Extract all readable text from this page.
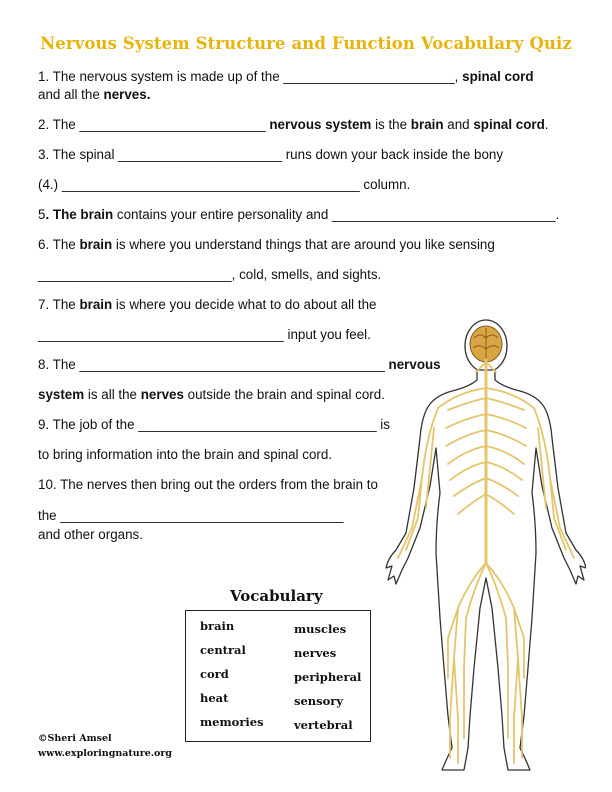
Nervous System Structure and Function Vocabulary Quiz
1. The nervous system is made up of the _______________________, spinal cord
and all the nerves.
2. The _________________________ nervous system is the brain and spinal cord.
3. The spinal ______________________ runs down your back inside the bony
(4.) ________________________________________ column.
5. The brain contains your entire personality and ______________________________.
6. The brain is where you understand things that are around you like sensing
__________________________, cold, smells, and sights.
7. The brain is where you decide what to do about all the
_________________________________ input you feel.
8. The _________________________________________ nervous
system is all the nerves outside the brain and spinal cord.
9. The job of the ________________________________ is
to bring information into the brain and spinal cord.
10. The nerves then bring out the orders from the brain to
the ______________________________________
and other organs.
Vocabulary
brain
central
cord
heat
memories
muscles
nerves
peripheral
sensory
vertebral
©Sheri Amsel
www.exploringnature.org
